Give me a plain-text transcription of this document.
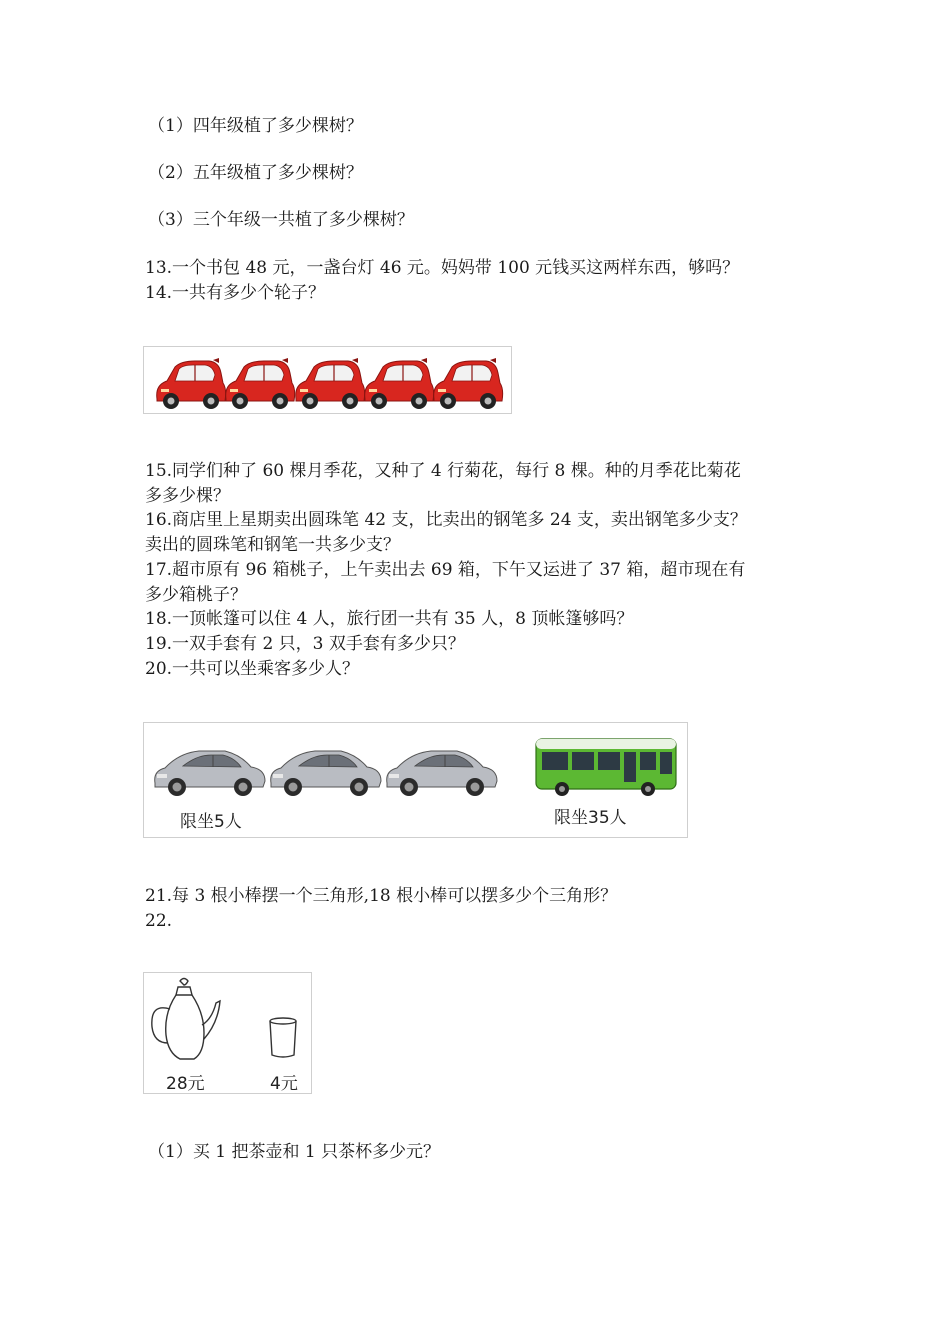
（1）四年级植了多少棵树？
（2）五年级植了多少棵树？
（3）三个年级一共植了多少棵树？
13.一个书包 48 元，一盏台灯 46 元。妈妈带 100 元钱买这两样东西，够吗？
14.一共有多少个轮子？
15.同学们种了 60 棵月季花，又种了 4 行菊花，每行 8 棵。种的月季花比菊花
多多少棵？
16.商店里上星期卖出圆珠笔 42 支，比卖出的钢笔多 24 支，卖出钢笔多少支？
卖出的圆珠笔和钢笔一共多少支？
17.超市原有 96 箱桃子，上午卖出去 69 箱，下午又运进了 37 箱，超市现在有
多少箱桃子？
18.一顶帐篷可以住 4 人，旅行团一共有 35 人，8 顶帐篷够吗？
19.一双手套有 2 只，3 双手套有多少只？
20.一共可以坐乘客多少人？
限坐5人	限坐35人
21.每 3 根小棒摆一个三角形,18 根小棒可以摆多少个三角形？
22.
28元	4元
（1）买 1 把茶壶和 1 只茶杯多少元？
